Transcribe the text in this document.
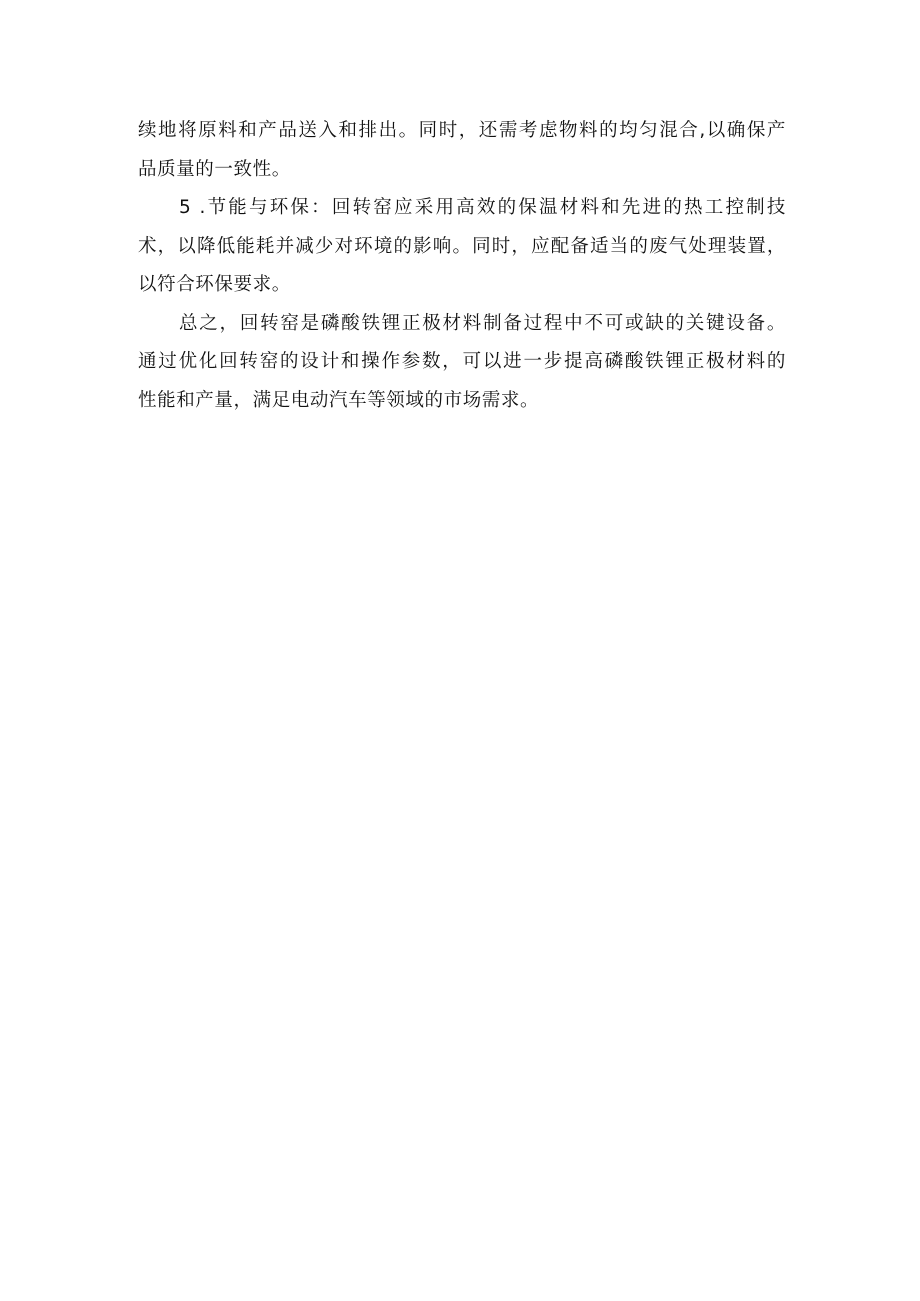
续地将原料和产品送入和排出。同时，还需考虑物料的均匀混合,以确保产
品质量的一致性。

5 .节能与环保：回转窑应采用高效的保温材料和先进的热工控制技
术，以降低能耗并减少对环境的影响。同时，应配备适当的废气处理装置，
以符合环保要求。

总之，回转窑是磷酸铁锂正极材料制备过程中不可或缺的关键设备。
通过优化回转窑的设计和操作参数，可以进一步提高磷酸铁锂正极材料的
性能和产量，满足电动汽车等领域的市场需求。
